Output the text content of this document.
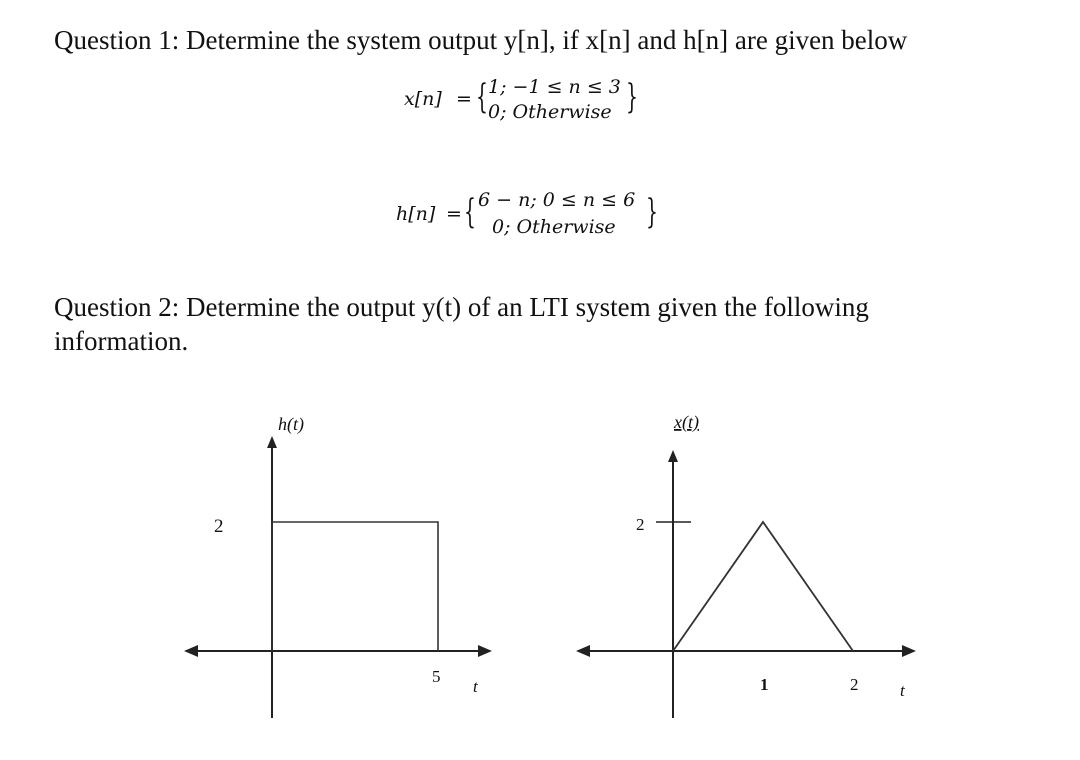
Question 1: Determine the system output y[n], if x[n] and h[n] are given below
x[n] = { 1; −1 ≤ n ≤ 3
0; Otherwise }
h[n] = { 6 − n; 0 ≤ n ≤ 6
0; Otherwise }
Question 2: Determine the output y(t) of an LTI system given the following
information.
h(t)
2
5
t
x(t)
2
1	2 t
